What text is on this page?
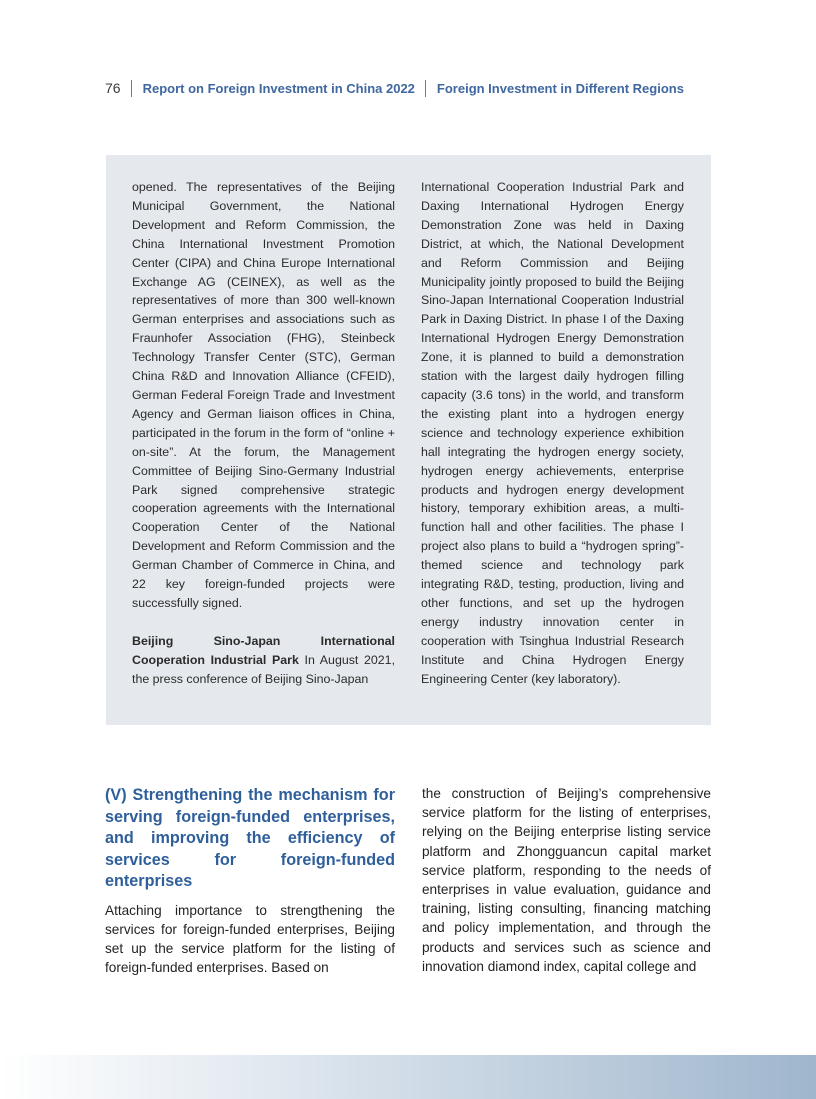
76 Report on Foreign Investment in China 2022 Foreign Investment in Different Regions

opened. The representatives of the Beijing Municipal Government, the National Development and Reform Commission, the China International Investment Promotion Center (CIPA) and China Europe International Exchange AG (CEINEX), as well as the representatives of more than 300 well-known German enterprises and associations such as Fraunhofer Association (FHG), Steinbeck Technology Transfer Center (STC), German China R&D and Innovation Alliance (CFEID), German Federal Foreign Trade and Investment Agency and German liaison offices in China, participated in the forum in the form of “online + on-site”. At the forum, the Management Committee of Beijing Sino-Germany Industrial Park signed comprehensive strategic cooperation agreements with the International Cooperation Center of the National Development and Reform Commission and the German Chamber of Commerce in China, and 22 key foreign-funded projects were successfully signed.

Beijing Sino-Japan International Cooperation Industrial Park In August 2021, the press conference of Beijing Sino-Japan

International Cooperation Industrial Park and Daxing International Hydrogen Energy Demonstration Zone was held in Daxing District, at which, the National Development and Reform Commission and Beijing Municipality jointly proposed to build the Beijing Sino-Japan International Cooperation Industrial Park in Daxing District. In phase I of the Daxing International Hydrogen Energy Demonstration Zone, it is planned to build a demonstration station with the largest daily hydrogen filling capacity (3.6 tons) in the world, and transform the existing plant into a hydrogen energy science and technology experience exhibition hall integrating the hydrogen energy society, hydrogen energy achievements, enterprise products and hydrogen energy development history, temporary exhibition areas, a multi-function hall and other facilities. The phase I project also plans to build a “hydrogen spring”-themed science and technology park integrating R&D, testing, production, living and other functions, and set up the hydrogen energy industry innovation center in cooperation with Tsinghua Industrial Research Institute and China Hydrogen Energy Engineering Center (key laboratory).

(V) Strengthening the mechanism for serving foreign-funded enterprises, and improving the efficiency of services for foreign-funded enterprises

Attaching importance to strengthening the services for foreign-funded enterprises, Beijing set up the service platform for the listing of foreign-funded enterprises. Based on

the construction of Beijing’s comprehensive service platform for the listing of enterprises, relying on the Beijing enterprise listing service platform and Zhongguancun capital market service platform, responding to the needs of enterprises in value evaluation, guidance and training, listing consulting, financing matching and policy implementation, and through the products and services such as science and innovation diamond index, capital college and
